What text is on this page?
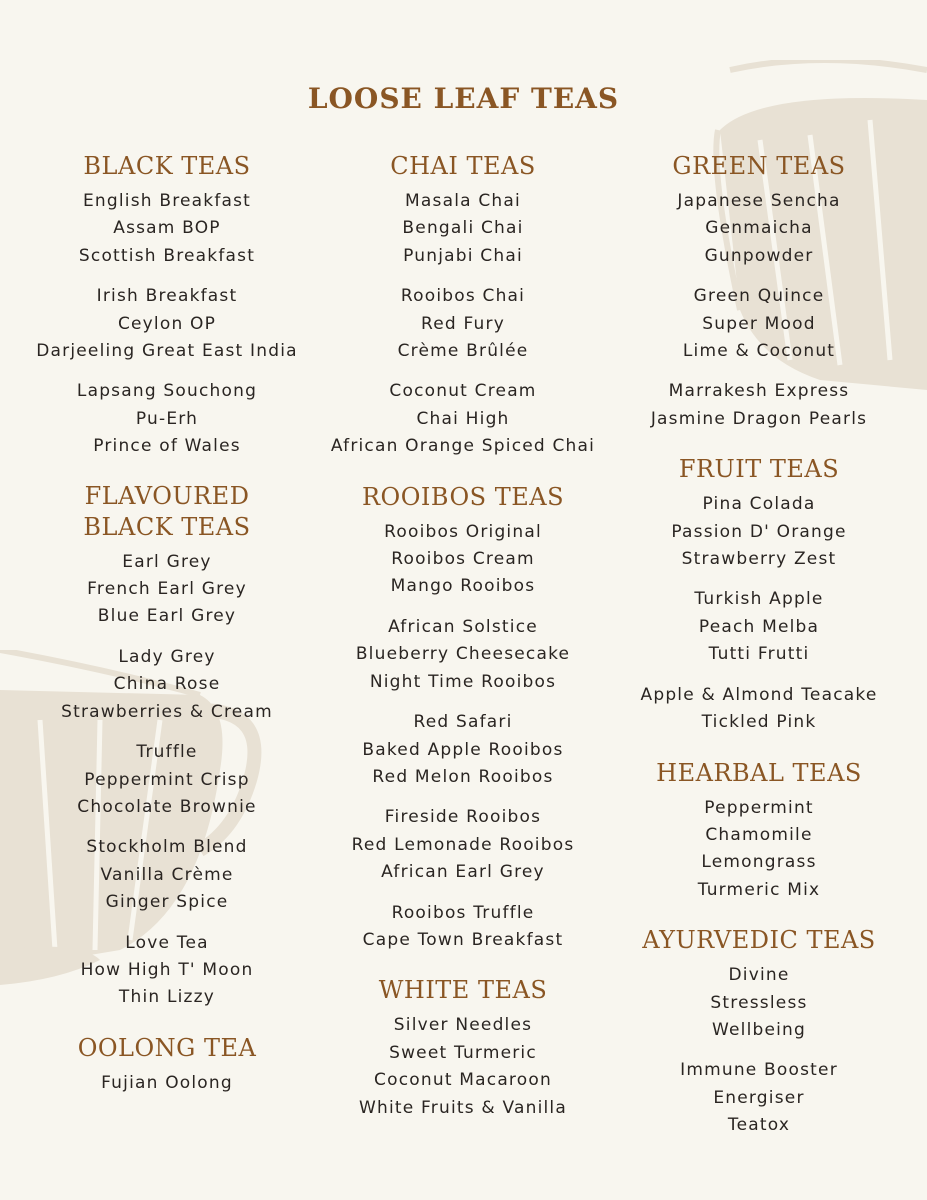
LOOSE LEAF TEAS
BLACK TEAS
English Breakfast
Assam BOP
Scottish Breakfast
Irish Breakfast
Ceylon OP
Darjeeling Great East India
Lapsang Souchong
Pu-Erh
Prince of Wales
FLAVOURED BLACK TEAS
Earl Grey
French Earl Grey
Blue Earl Grey
Lady Grey
China Rose
Strawberries & Cream
Truffle
Peppermint Crisp
Chocolate Brownie
Stockholm Blend
Vanilla Crème
Ginger Spice
Love Tea
How High T' Moon
Thin Lizzy
OOLONG TEA
Fujian Oolong
CHAI TEAS
Masala Chai
Bengali Chai
Punjabi Chai
Rooibos Chai
Red Fury
Crème Brûlée
Coconut Cream
Chai High
African Orange Spiced Chai
ROOIBOS TEAS
Rooibos Original
Rooibos Cream
Mango Rooibos
African Solstice
Blueberry Cheesecake
Night Time Rooibos
Red Safari
Baked Apple Rooibos
Red Melon Rooibos
Fireside Rooibos
Red Lemonade Rooibos
African Earl Grey
Rooibos Truffle
Cape Town Breakfast
WHITE TEAS
Silver Needles
Sweet Turmeric
Coconut Macaroon
White Fruits & Vanilla
GREEN TEAS
Japanese Sencha
Genmaicha
Gunpowder
Green Quince
Super Mood
Lime & Coconut
Marrakesh Express
Jasmine Dragon Pearls
FRUIT TEAS
Pina Colada
Passion D' Orange
Strawberry Zest
Turkish Apple
Peach Melba
Tutti Frutti
Apple & Almond Teacake
Tickled Pink
HEARBAL TEAS
Peppermint
Chamomile
Lemongrass
Turmeric Mix
AYURVEDIC TEAS
Divine
Stressless
Wellbeing
Immune Booster
Energiser
Teatox
